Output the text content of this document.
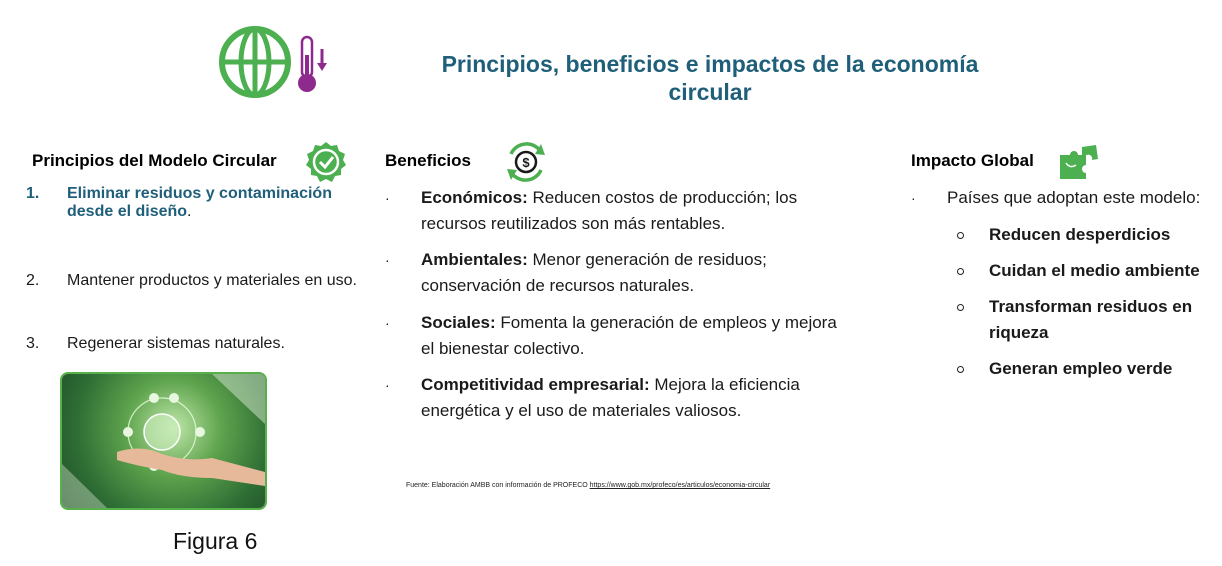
Principios, beneficios e impactos de la economía circular
Principios del Modelo Circular
1.	Eliminar residuos y contaminación desde el diseño.
2.	Mantener productos y materiales en uso.
3.	Regenerar sistemas naturales.
Figura 6
Beneficios	$
· Económicos: Reducen costos de producción; los recursos reutilizados son más rentables.
· Ambientales: Menor generación de residuos; conservación de recursos naturales.
· Sociales: Fomenta la generación de empleos y mejora el bienestar colectivo.
· Competitividad empresarial: Mejora la eficiencia energética y el uso de materiales valiosos.
Fuente: Elaboración AMBB con información de PROFECO https://www.gob.mx/profeco/es/articulos/economia-circular
Impacto Global
· Países que adoptan este modelo:
Reducen desperdicios
Cuidan el medio ambiente
Transforman residuos en riqueza
Generan empleo verde
